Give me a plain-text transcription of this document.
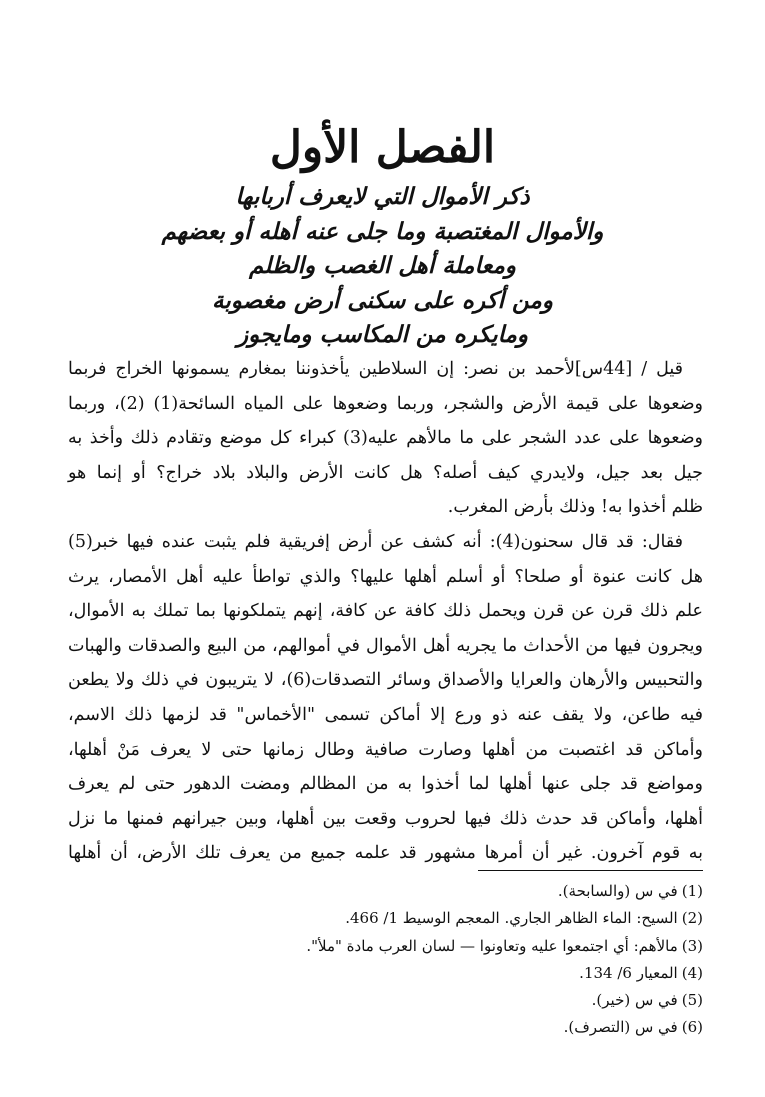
الفصل الأول

ذكر الأموال التي لايعرف أربابها

والأموال المغتصبة وما جلى عنه أهله أو بعضهم

ومعاملة أهل الغصب والظلم

ومن أكره على سكنى أرض مغصوبة

ومايكره من المكاسب ومايجوز

قيل / [44س]لأحمد بن نصر: إن السلاطين يأخذوننا بمغارم يسمونها الخراج فربما

وضعوها على قيمة الأرض والشجر، وربما وضعوها على المياه السائحة(1) (2)، وربما

وضعوها على عدد الشجر على ما مالأهم عليه(3) كبراء كل موضع وتقادم ذلك وأخذ به

جيل بعد جيل، ولايدري كيف أصله؟ هل كانت الأرض والبلاد بلاد خراج؟ أو إنما هو

ظلم أخذوا به! وذلك بأرض المغرب.

فقال: قد قال سحنون(4): أنه كشف عن أرض إفريقية فلم يثبت عنده فيها خبر(5)

هل كانت عنوة أو صلحا؟ أو أسلم أهلها عليها؟ والذي تواطأ عليه أهل الأمصار، يرث

علم ذلك قرن عن قرن ويحمل ذلك كافة عن كافة، إنهم يتملكونها بما تملك به الأموال،

ويجرون فيها من الأحداث ما يجريه أهل الأموال في أموالهم، من البيع والصدقات والهبات

والتحبيس والأرهان والعرايا والأصداق وسائر التصدقات(6)، لا يتريبون في ذلك ولا يطعن

فيه طاعن، ولا يقف عنه ذو ورع إلا أماكن تسمى "الأخماس" قد لزمها ذلك الاسم،

وأماكن قد اغتصبت من أهلها وصارت صافية وطال زمانها حتى لا يعرف مَنْ أهلها،

ومواضع قد جلى عنها أهلها لما أخذوا به من المظالم ومضت الدهور حتى لم يعرف

أهلها، وأماكن قد حدث ذلك فيها لحروب وقعت بين أهلها، وبين جيرانهم فمنها ما نزل

به قوم آخرون. غير أن أمرها مشهور قد علمه جميع من يعرف تلك الأرض، أن أهلها

(1)في س (والسابحة).

(2)السيح: الماء الظاهر الجاري. المعجم الوسيط 1/ 466.

(3)مالأهم: أي اجتمعوا عليه وتعاونوا — لسان العرب مادة "ملأ".

(4)المعيار 6/ 134.

(5)في س (خير).

(6)في س (التصرف).
